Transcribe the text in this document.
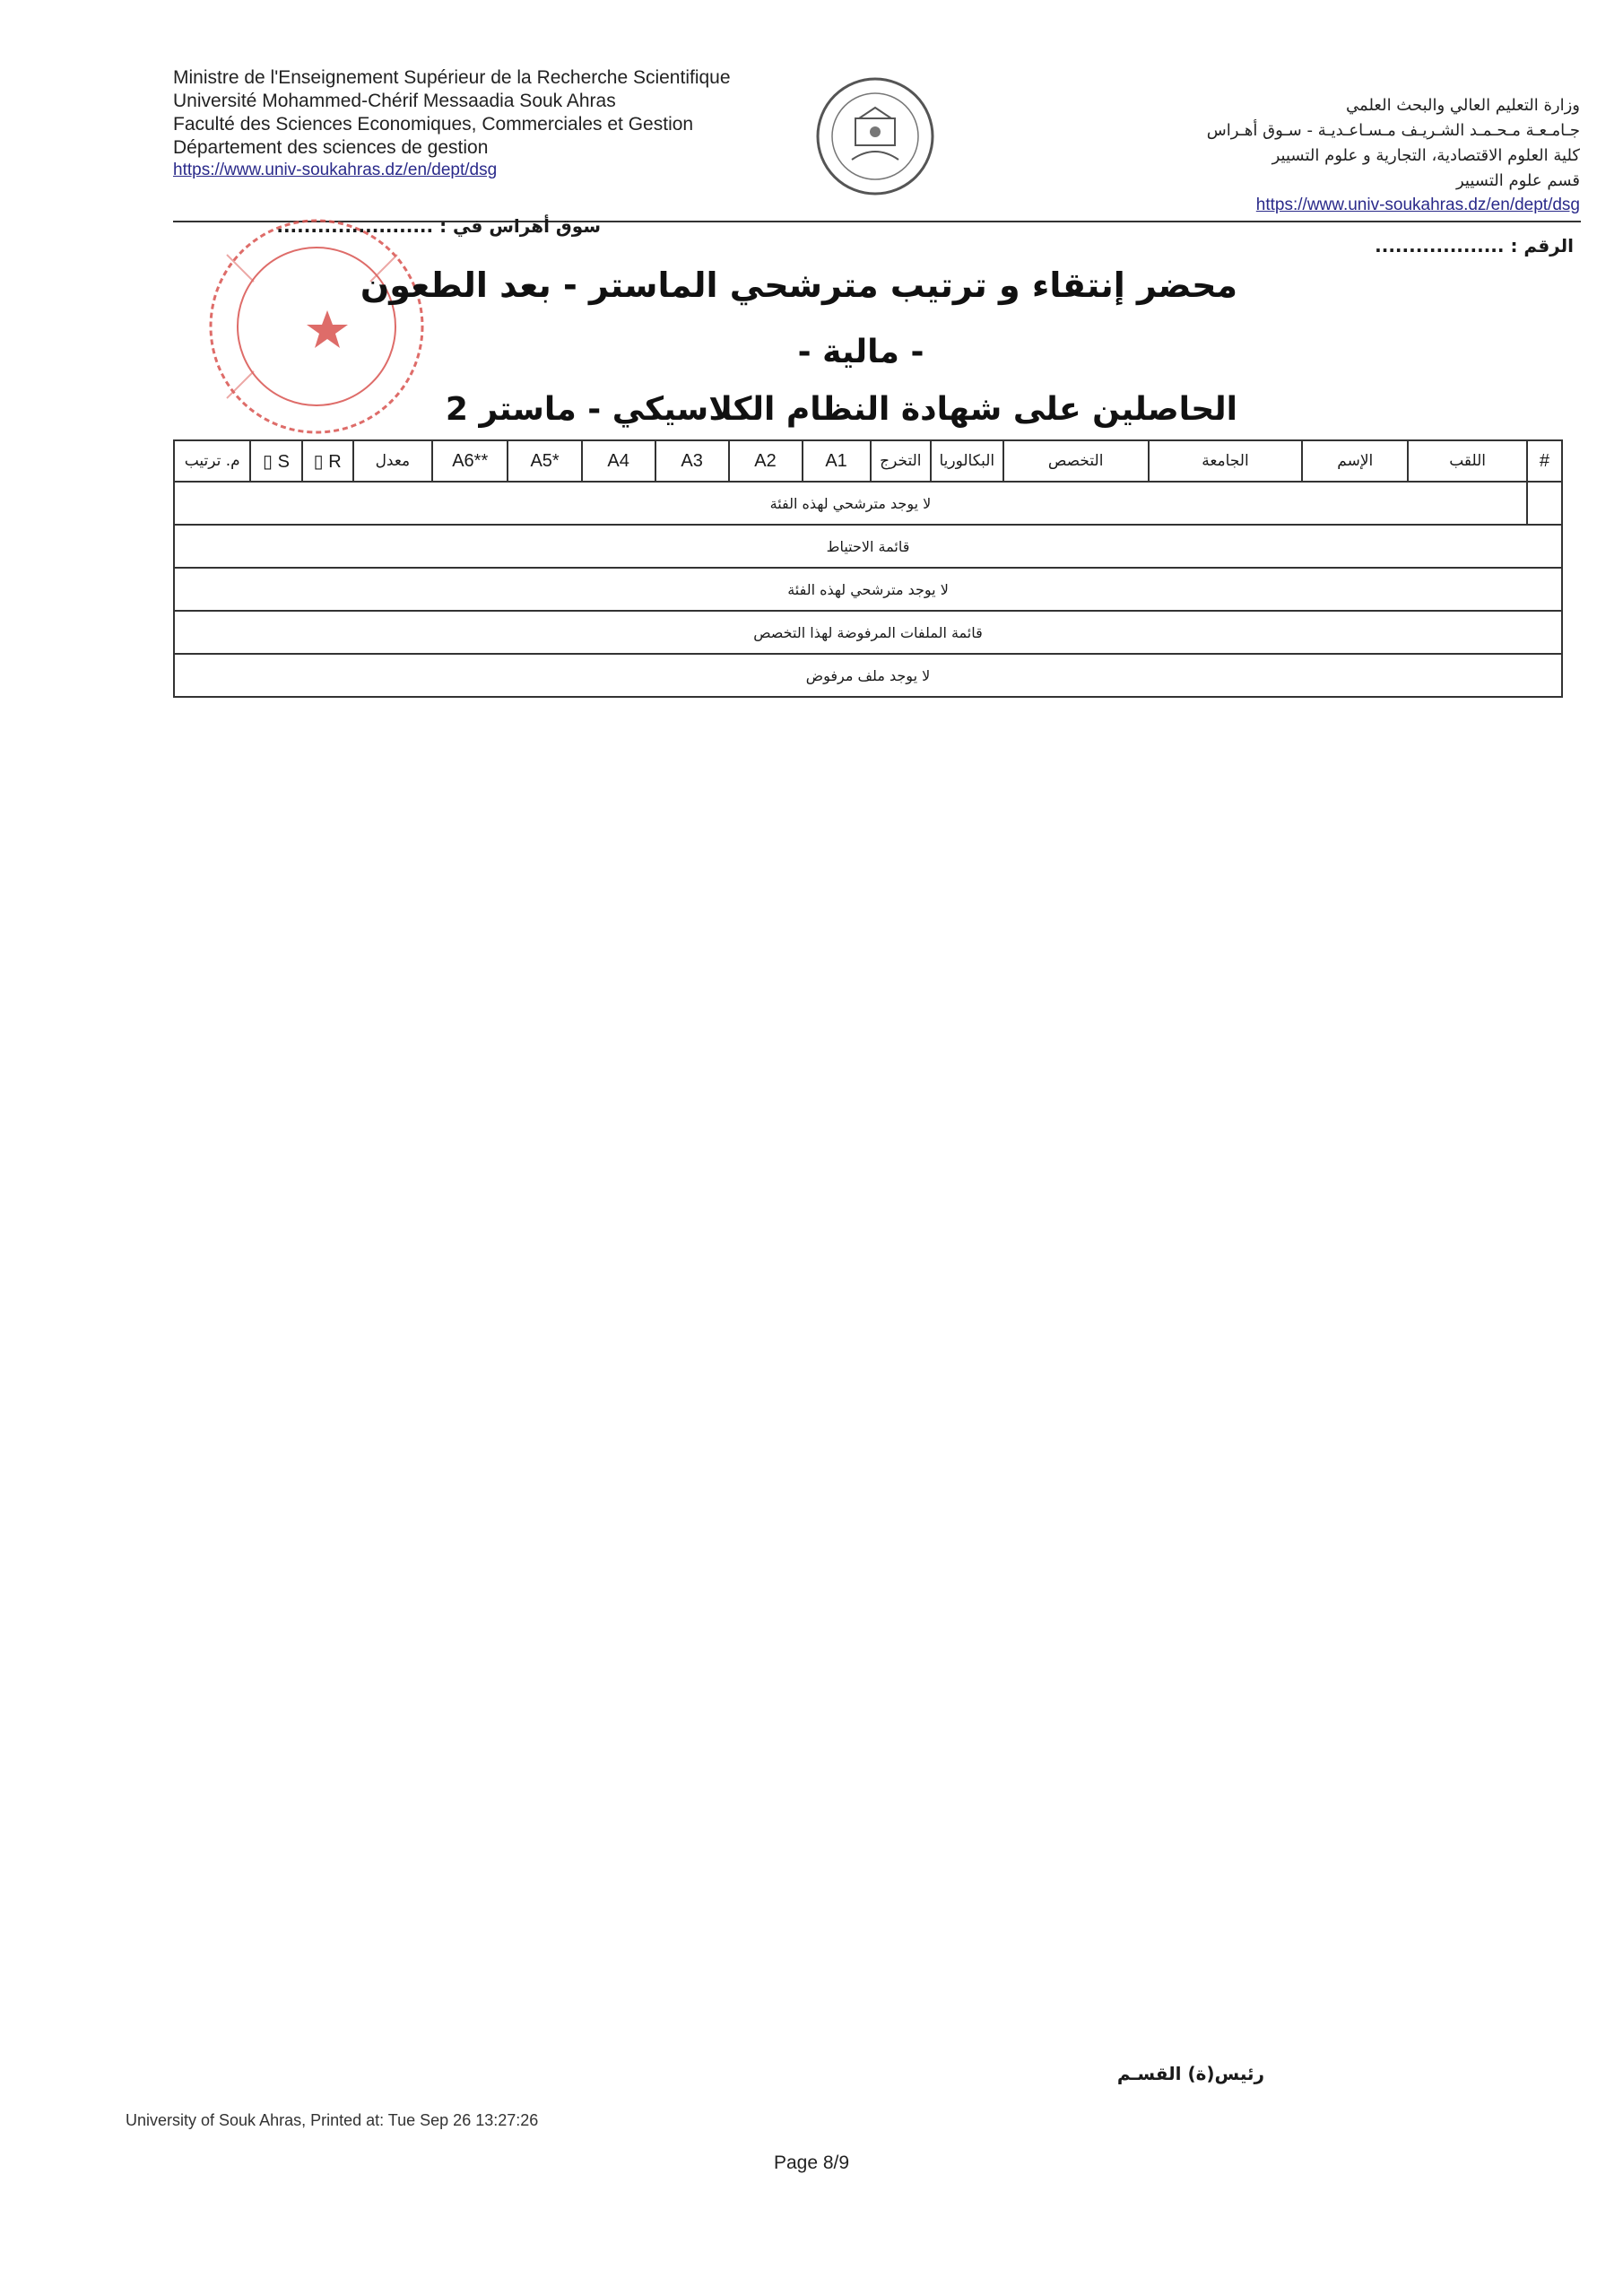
Ministre de l'Enseignement Supérieur de la Recherche Scientifique
Université Mohammed-Chérif Messaadia Souk Ahras
Faculté des Sciences Economiques, Commerciales et Gestion
Département des sciences de gestion
https://www.univ-soukahras.dz/en/dept/dsg
وزارة التعليم العالي والبحث العلمي
جـامـعـة مـحـمـد الشـريـف مـسـاعـديـة - سـوق أهـراس
كلية العلوم الاقتصادية، التجارية و علوم التسيير
قسم علوم التسيير
https://www.univ-soukahras.dz/en/dept/dsg
سوق أهراس في : .......................
الرقم : ...................
محضر إنتقاء و ترتيب مترشحي الماستر - بعد الطعون
- مالية -
الحاصلين على شهادة النظام الكلاسيكي - ماستر 2
#	اللقب	الإسم	الجامعة	التخصص	البكالوريا	التخرج	A1	A2	A3	A4	*A5	**A6	معدل	R ▯	S ▯	م. ترتيب
	لا يوجد مترشحي لهذه الفئة															
قائمة الاحتياط																
لا يوجد مترشحي لهذه الفئة																
قائمة الملفات المرفوضة لهذا التخصص																
لا يوجد ملف مرفوض																
رئيس(ة) القسـم
University of Souk Ahras, Printed at: Tue Sep 26 13:27:26
Page 8/9
